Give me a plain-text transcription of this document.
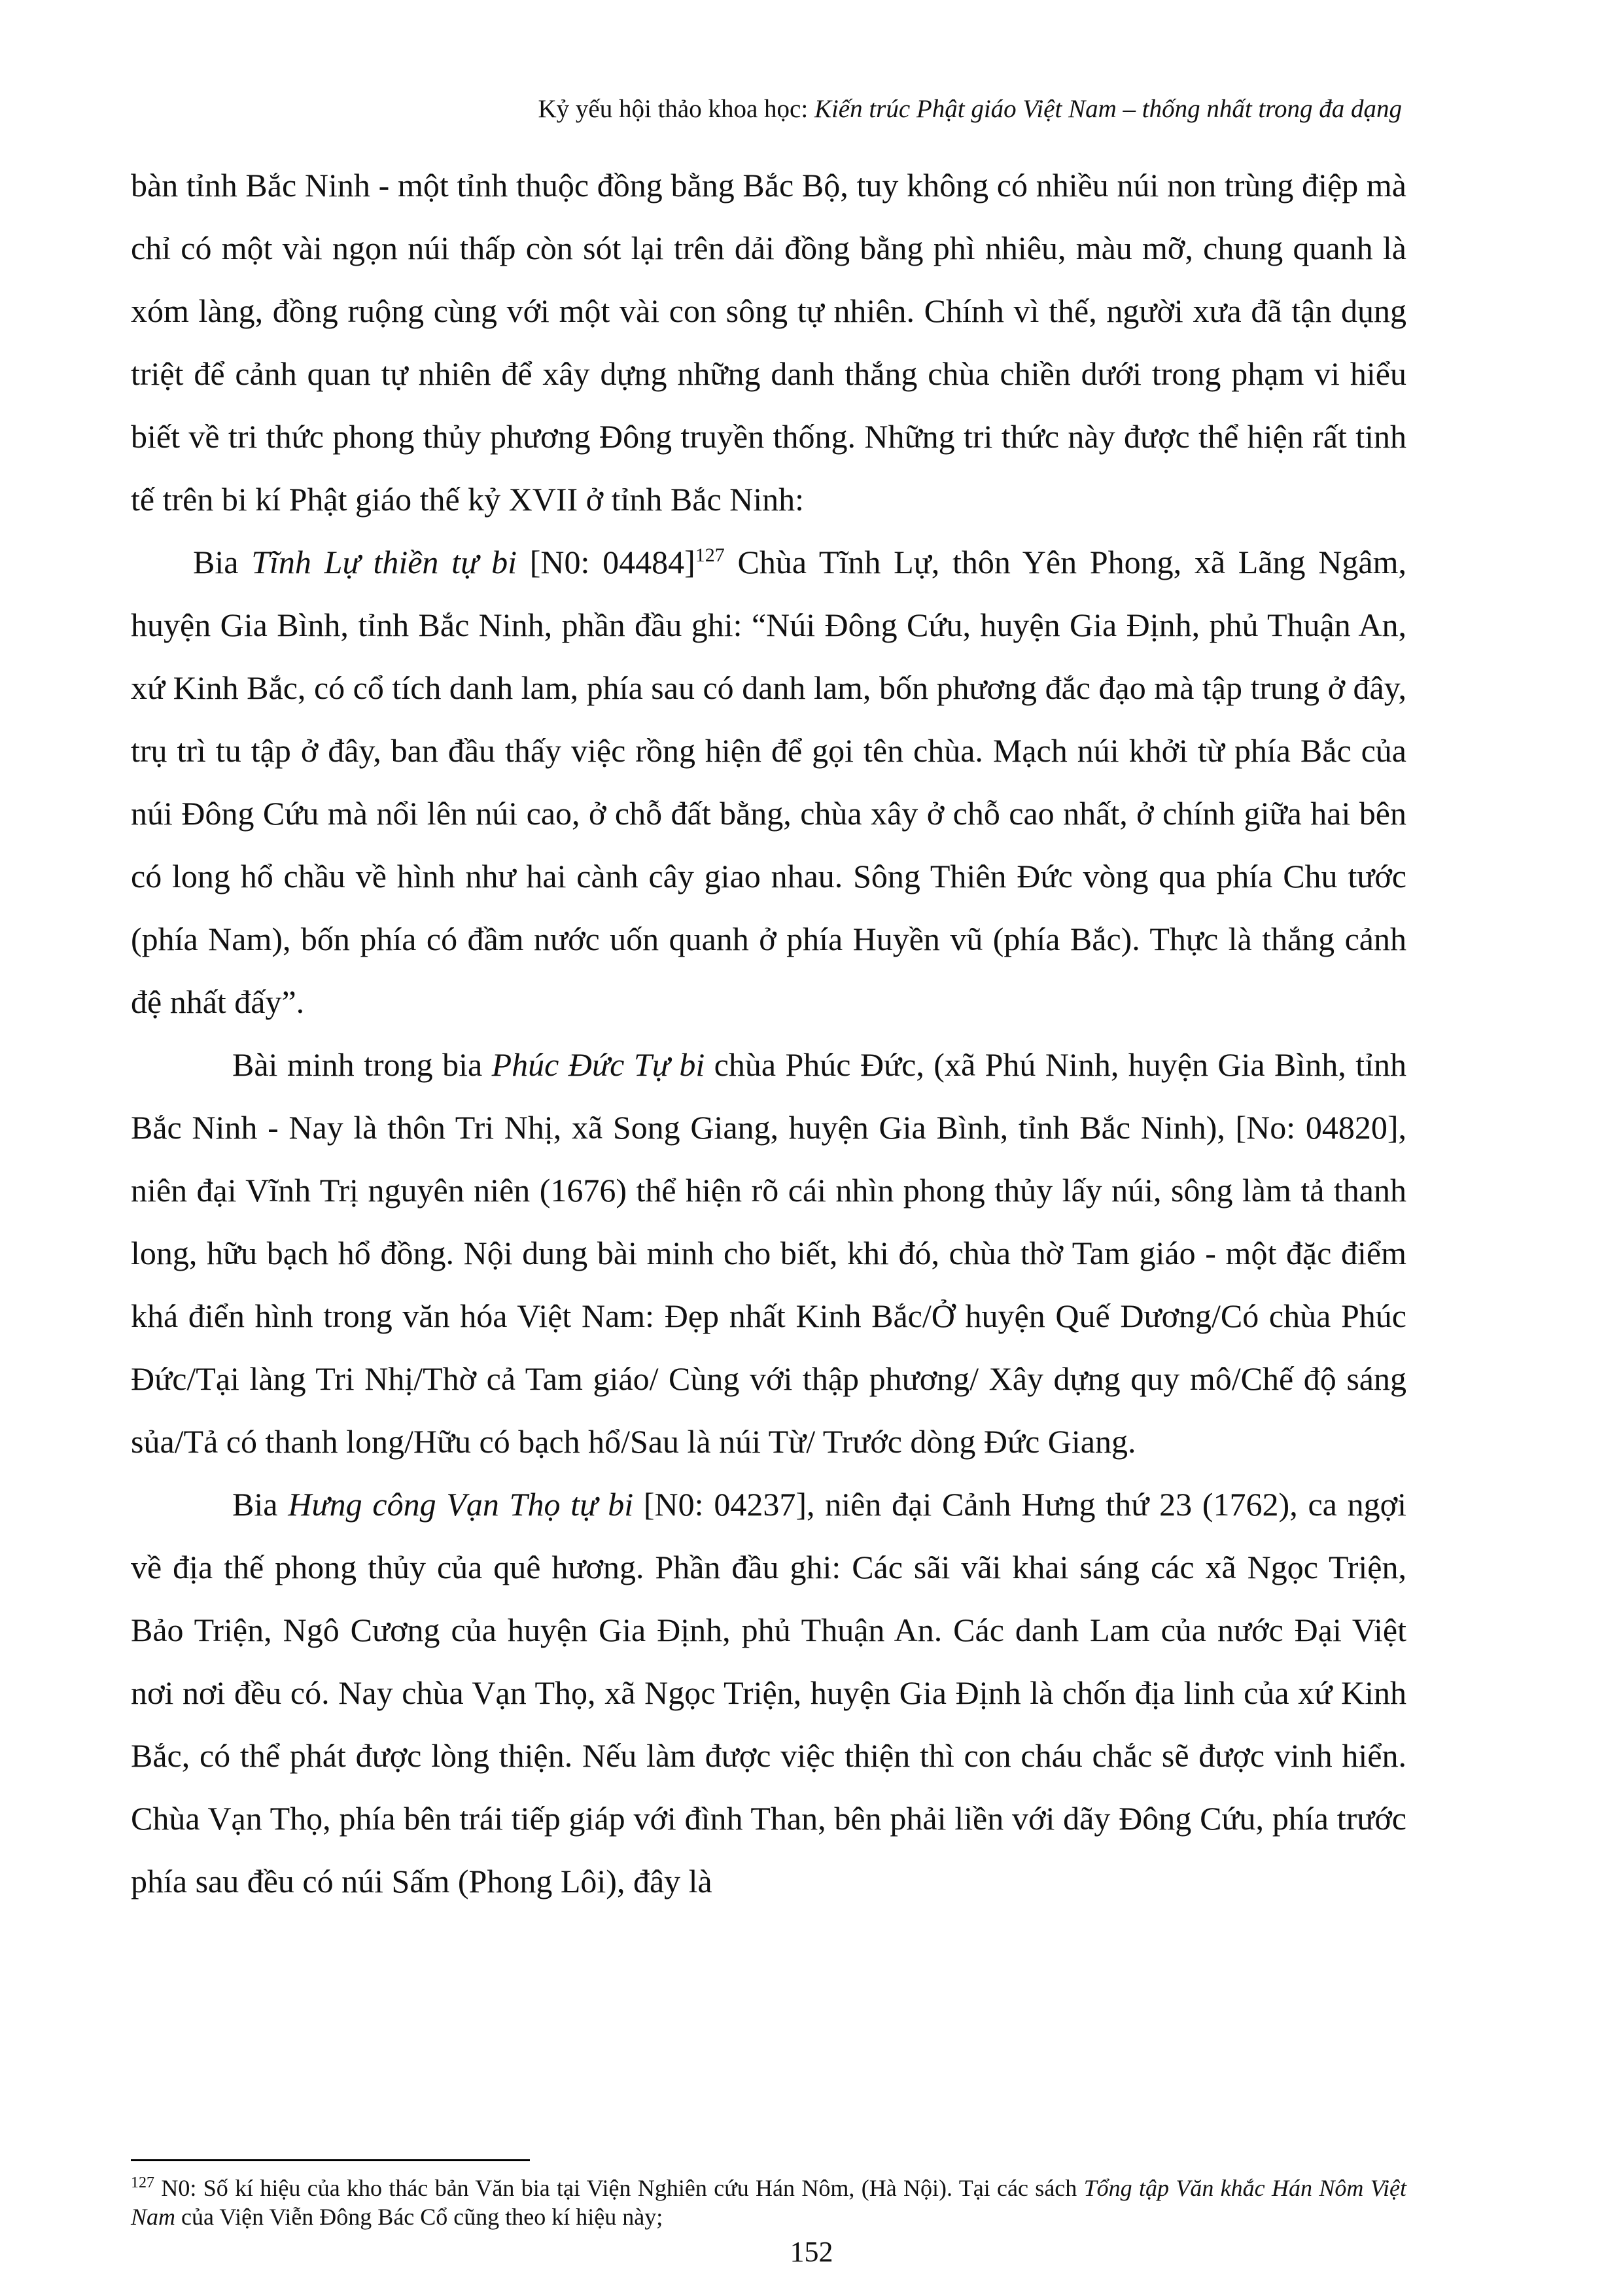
Kỷ yếu hội thảo khoa học: Kiến trúc Phật giáo Việt Nam – thống nhất trong đa dạng

bàn tỉnh Bắc Ninh - một tỉnh thuộc đồng bằng Bắc Bộ, tuy không có nhiều núi non trùng điệp mà chỉ có một vài ngọn núi thấp còn sót lại trên dải đồng bằng phì nhiêu, màu mỡ, chung quanh là xóm làng, đồng ruộng cùng với một vài con sông tự nhiên. Chính vì thế, người xưa đã tận dụng triệt để cảnh quan tự nhiên để xây dựng những danh thắng chùa chiền dưới trong phạm vi hiểu biết về tri thức phong thủy phương Đông truyền thống. Những tri thức này được thể hiện rất tinh tế trên bi kí Phật giáo thế kỷ XVII ở tỉnh Bắc Ninh:

Bia Tĩnh Lự thiền tự bi [N0: 04484]$^{127}$ Chùa Tĩnh Lự, thôn Yên Phong, xã Lãng Ngâm, huyện Gia Bình, tỉnh Bắc Ninh, phần đầu ghi: “Núi Đông Cứu, huyện Gia Định, phủ Thuận An, xứ Kinh Bắc, có cổ tích danh lam, phía sau có danh lam, bốn phương đắc đạo mà tập trung ở đây, trụ trì tu tập ở đây, ban đầu thấy việc rồng hiện để gọi tên chùa. Mạch núi khởi từ phía Bắc của núi Đông Cứu mà nổi lên núi cao, ở chỗ đất bằng, chùa xây ở chỗ cao nhất, ở chính giữa hai bên có long hổ chầu về hình như hai cành cây giao nhau. Sông Thiên Đức vòng qua phía Chu tước (phía Nam), bốn phía có đầm nước uốn quanh ở phía Huyền vũ (phía Bắc). Thực là thắng cảnh đệ nhất đấy”.

Bài minh trong bia Phúc Đức Tự bi chùa Phúc Đức, (xã Phú Ninh, huyện Gia Bình, tỉnh Bắc Ninh - Nay là thôn Tri Nhị, xã Song Giang, huyện Gia Bình, tỉnh Bắc Ninh), [No: 04820], niên đại Vĩnh Trị nguyên niên (1676) thể hiện rõ cái nhìn phong thủy lấy núi, sông làm tả thanh long, hữu bạch hổ đồng. Nội dung bài minh cho biết, khi đó, chùa thờ Tam giáo - một đặc điểm khá điển hình trong văn hóa Việt Nam: Đẹp nhất Kinh Bắc/Ở huyện Quế Dương/Có chùa Phúc Đức/Tại làng Tri Nhị/Thờ cả Tam giáo/ Cùng với thập phương/ Xây dựng quy mô/Chế độ sáng sủa/Tả có thanh long/Hữu có bạch hổ/Sau là núi Từ/ Trước dòng Đức Giang.

Bia Hưng công Vạn Thọ tự bi [N0: 04237], niên đại Cảnh Hưng thứ 23 (1762), ca ngợi về địa thế phong thủy của quê hương. Phần đầu ghi: Các sãi vãi khai sáng các xã Ngọc Triện, Bảo Triện, Ngô Cương của huyện Gia Định, phủ Thuận An. Các danh Lam của nước Đại Việt nơi nơi đều có. Nay chùa Vạn Thọ, xã Ngọc Triện, huyện Gia Định là chốn địa linh của xứ Kinh Bắc, có thể phát được lòng thiện. Nếu làm được việc thiện thì con cháu chắc sẽ được vinh hiển. Chùa Vạn Thọ, phía bên trái tiếp giáp với đình Than, bên phải liền với dãy Đông Cứu, phía trước phía sau đều có núi Sấm (Phong Lôi), đây là

$^{127}$ N0: Số kí hiệu của kho thác bản Văn bia tại Viện Nghiên cứu Hán Nôm, (Hà Nội). Tại các sách Tổng tập Văn khắc Hán Nôm Việt Nam của Viện Viễn Đông Bác Cổ cũng theo kí hiệu này;
152
